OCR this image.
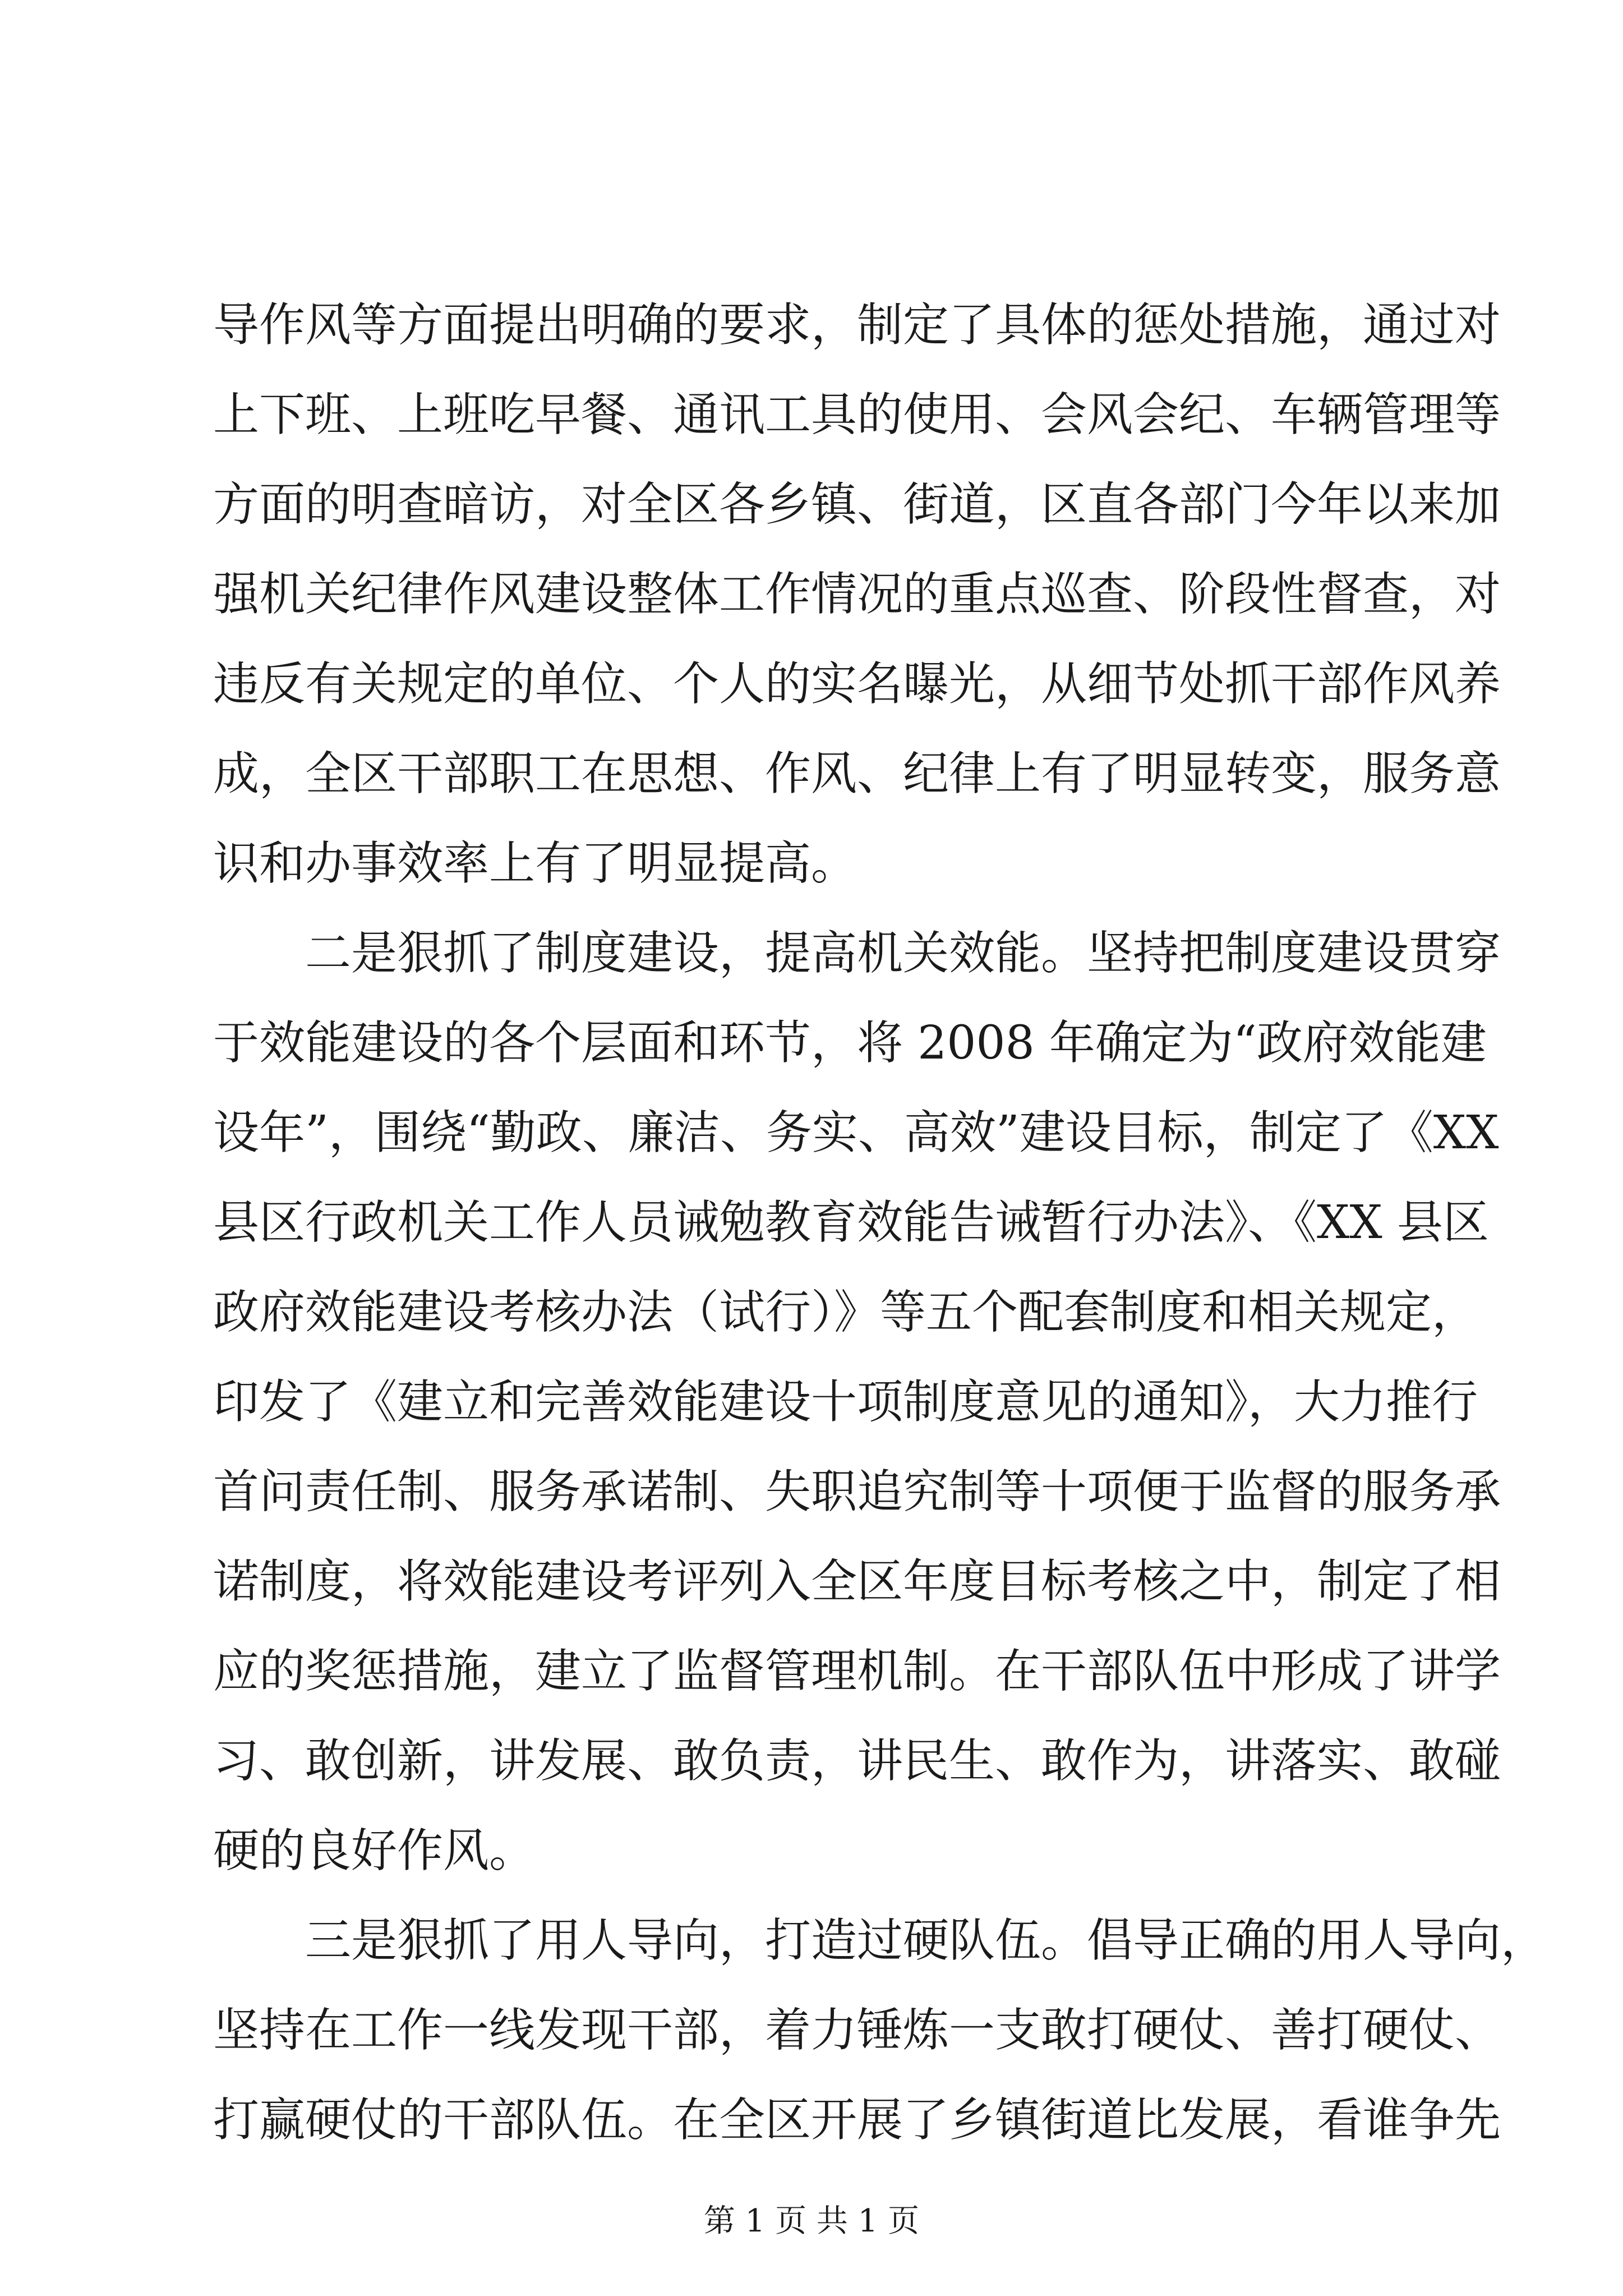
导作风等方面提出明确的要求，制定了具体的惩处措施，通过对
上下班、上班吃早餐、通讯工具的使用、会风会纪、车辆管理等
方面的明查暗访，对全区各乡镇、街道，区直各部门今年以来加
强机关纪律作风建设整体工作情况的重点巡查、阶段性督查，对
违反有关规定的单位、个人的实名曝光，从细节处抓干部作风养
成，全区干部职工在思想、作风、纪律上有了明显转变，服务意
识和办事效率上有了明显提高。
　　二是狠抓了制度建设，提高机关效能。坚持把制度建设贯穿
于效能建设的各个层面和环节，将 2008 年确定为“政府效能建
设年”，围绕“勤政、廉洁、务实、高效”建设目标，制定了《XX
县区行政机关工作人员诫勉教育效能告诫暂行办法》、《XX 县区
政府效能建设考核办法（试行）》等五个配套制度和相关规定，
印发了《建立和完善效能建设十项制度意见的通知》，大力推行
首问责任制、服务承诺制、失职追究制等十项便于监督的服务承
诺制度，将效能建设考评列入全区年度目标考核之中，制定了相
应的奖惩措施，建立了监督管理机制。在干部队伍中形成了讲学
习、敢创新，讲发展、敢负责，讲民生、敢作为，讲落实、敢碰
硬的良好作风。
　　三是狠抓了用人导向，打造过硬队伍。倡导正确的用人导向，
坚持在工作一线发现干部，着力锤炼一支敢打硬仗、善打硬仗、
打赢硬仗的干部队伍。在全区开展了乡镇街道比发展，看谁争先
第 1 页 共 1 页
